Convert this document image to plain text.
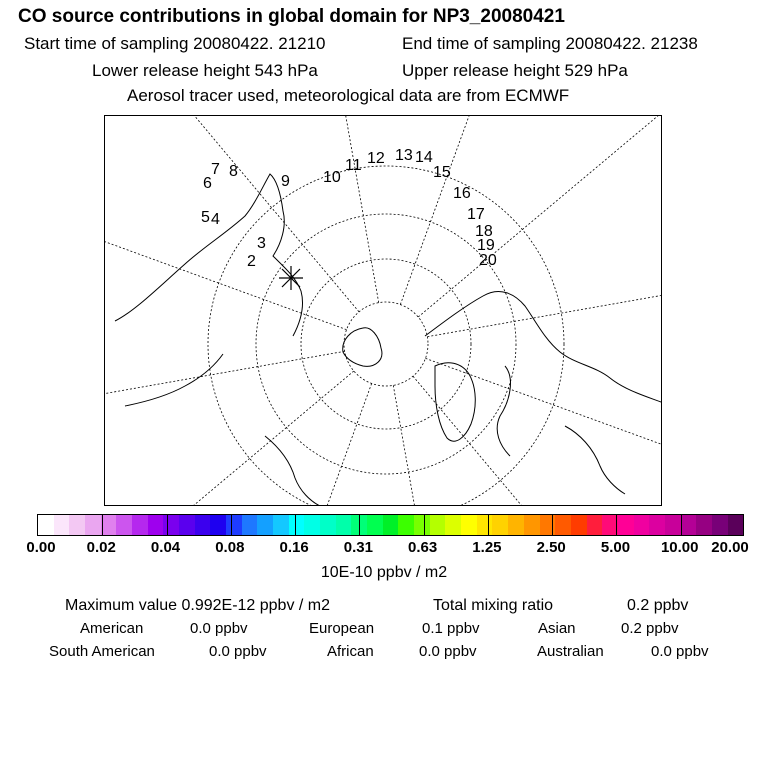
CO source contributions in global domain for NP3_20080421
Start time of sampling 20080422. 21210	End time of sampling 20080422. 21238
Lower release height 543 hPa	Upper release height 529 hPa
Aerosol tracer used, meteorological data are from ECMWF
2
3
4
5
6
7 8
9 10
11 12 13 14
15
16
17
18
19
20
0.00 0.02 0.04 0.08 0.16 0.31 0.63 1.25 2.50 5.00 10.00 20.00
10E-10 ppbv / m2
Maximum value 0.992E-12 ppbv / m2	Total mixing ratio	0.2 ppbv
American	0.0 ppbv	European	0.1 ppbv	Asian	0.2 ppbv
South American	0.0 ppbv	African	0.0 ppbv	Australian	0.0 ppbv
